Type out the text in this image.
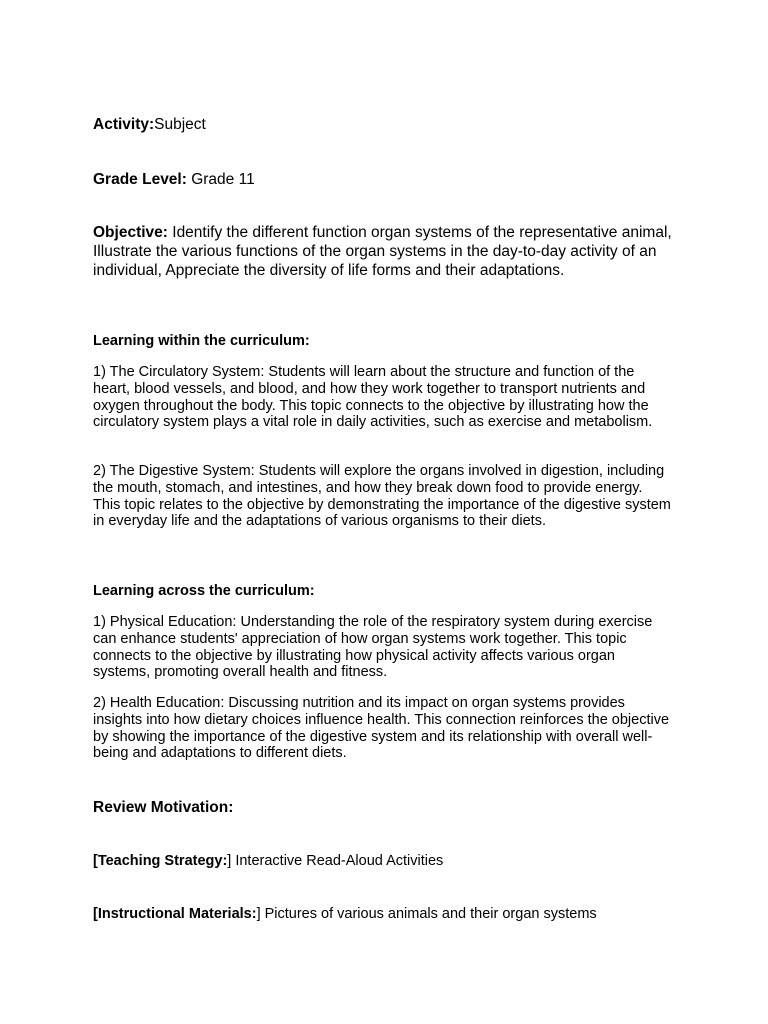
Activity:Subject

Grade Level: Grade 11

Objective: Identify the different function organ systems of the representative animal, Illustrate the various functions of the organ systems in the day-to-day activity of an individual, Appreciate the diversity of life forms and their adaptations.

Learning within the curriculum:

1) The Circulatory System: Students will learn about the structure and function of the heart, blood vessels, and blood, and how they work together to transport nutrients and oxygen throughout the body. This topic connects to the objective by illustrating how the circulatory system plays a vital role in daily activities, such as exercise and metabolism.

2) The Digestive System: Students will explore the organs involved in digestion, including the mouth, stomach, and intestines, and how they break down food to provide energy. This topic relates to the objective by demonstrating the importance of the digestive system in everyday life and the adaptations of various organisms to their diets.

Learning across the curriculum:

1) Physical Education: Understanding the role of the respiratory system during exercise can enhance students' appreciation of how organ systems work together. This topic connects to the objective by illustrating how physical activity affects various organ systems, promoting overall health and fitness.

2) Health Education: Discussing nutrition and its impact on organ systems provides insights into how dietary choices influence health. This connection reinforces the objective by showing the importance of the digestive system and its relationship with overall well-being and adaptations to different diets.

Review Motivation:

[Teaching Strategy:] Interactive Read-Aloud Activities

[Instructional Materials:] Pictures of various animals and their organ systems
